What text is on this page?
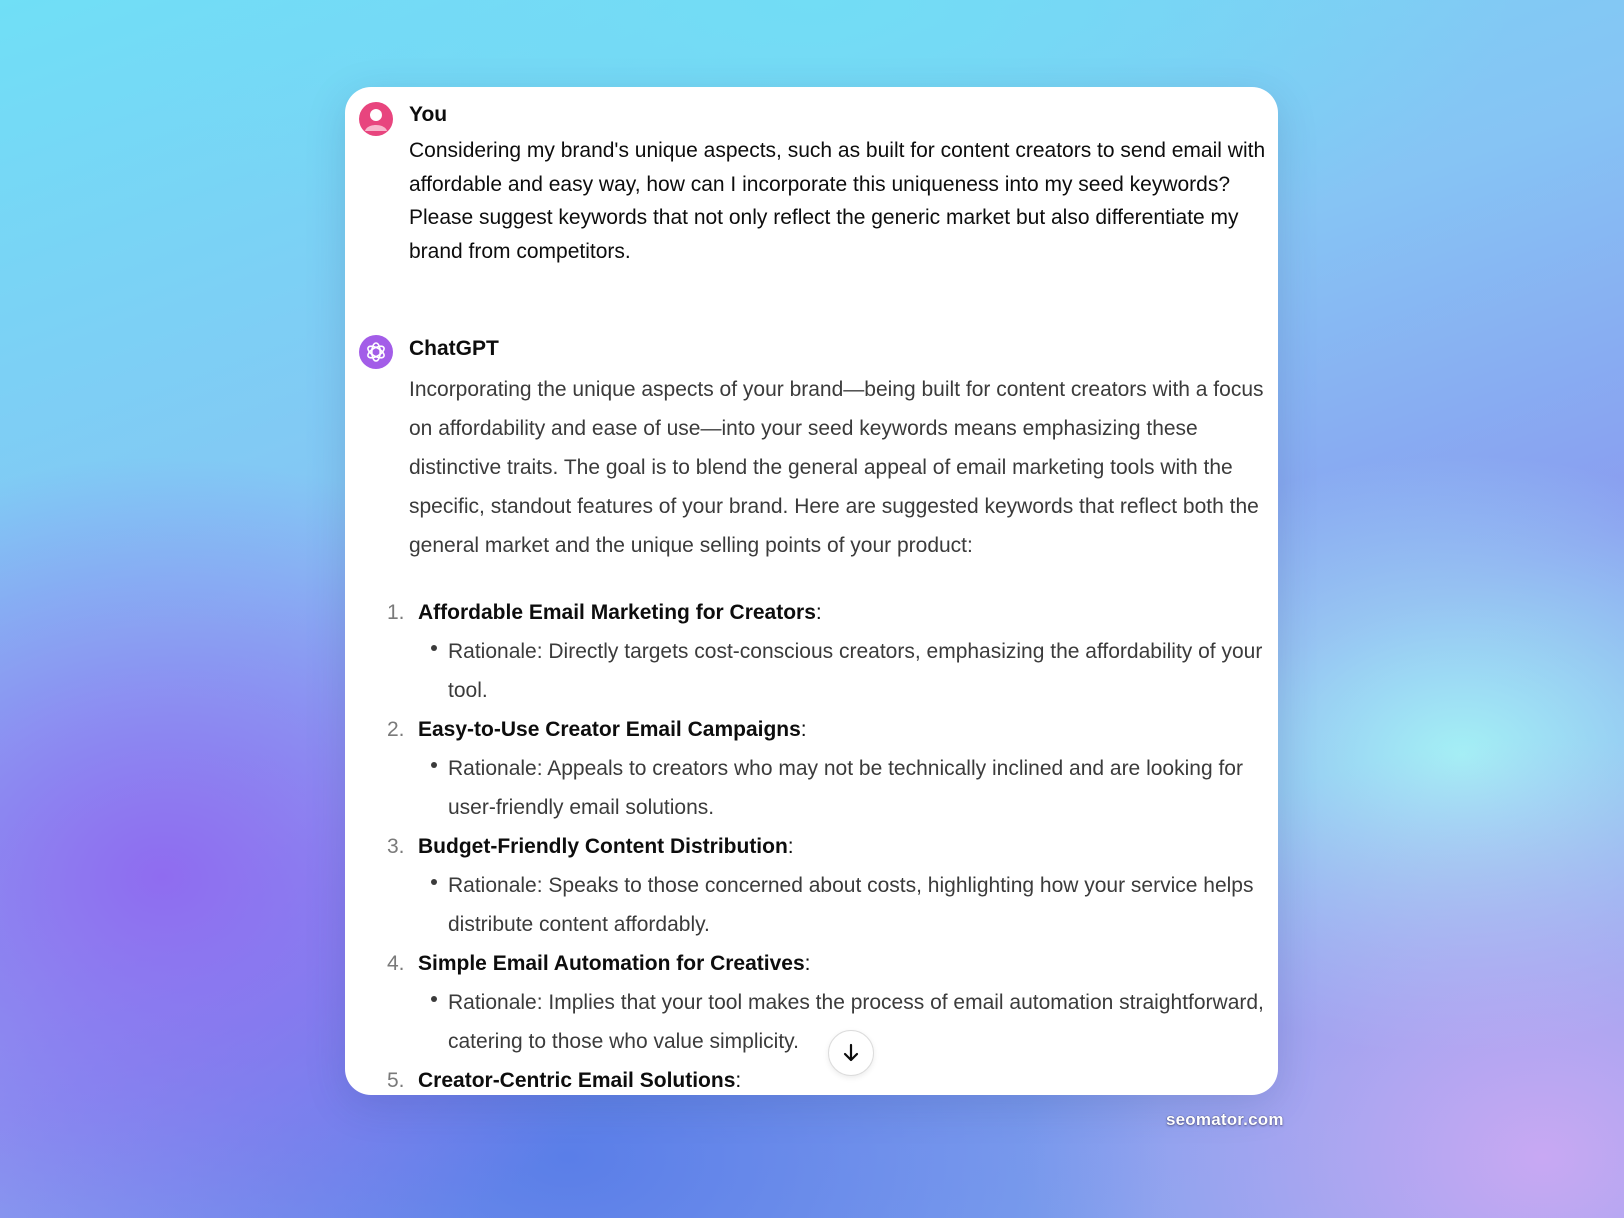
You
Considering my brand's unique aspects, such as built for content creators to send email with affordable and easy way, how can I incorporate this uniqueness into my seed keywords? Please suggest keywords that not only reflect the generic market but also differentiate my brand from competitors.
ChatGPT
Incorporating the unique aspects of your brand—being built for content creators with a focus on affordability and ease of use—into your seed keywords means emphasizing these distinctive traits. The goal is to blend the general appeal of email marketing tools with the specific, standout features of your brand. Here are suggested keywords that reflect both the general market and the unique selling points of your product:
1. Affordable Email Marketing for Creators:
Rationale: Directly targets cost-conscious creators, emphasizing the affordability of your tool.
2. Easy-to-Use Creator Email Campaigns:
Rationale: Appeals to creators who may not be technically inclined and are looking for user-friendly email solutions.
3. Budget-Friendly Content Distribution:
Rationale: Speaks to those concerned about costs, highlighting how your service helps distribute content affordably.
4. Simple Email Automation for Creatives:
Rationale: Implies that your tool makes the process of email automation straightforward, catering to those who value simplicity.
5. Creator-Centric Email Solutions:
seomator.com
